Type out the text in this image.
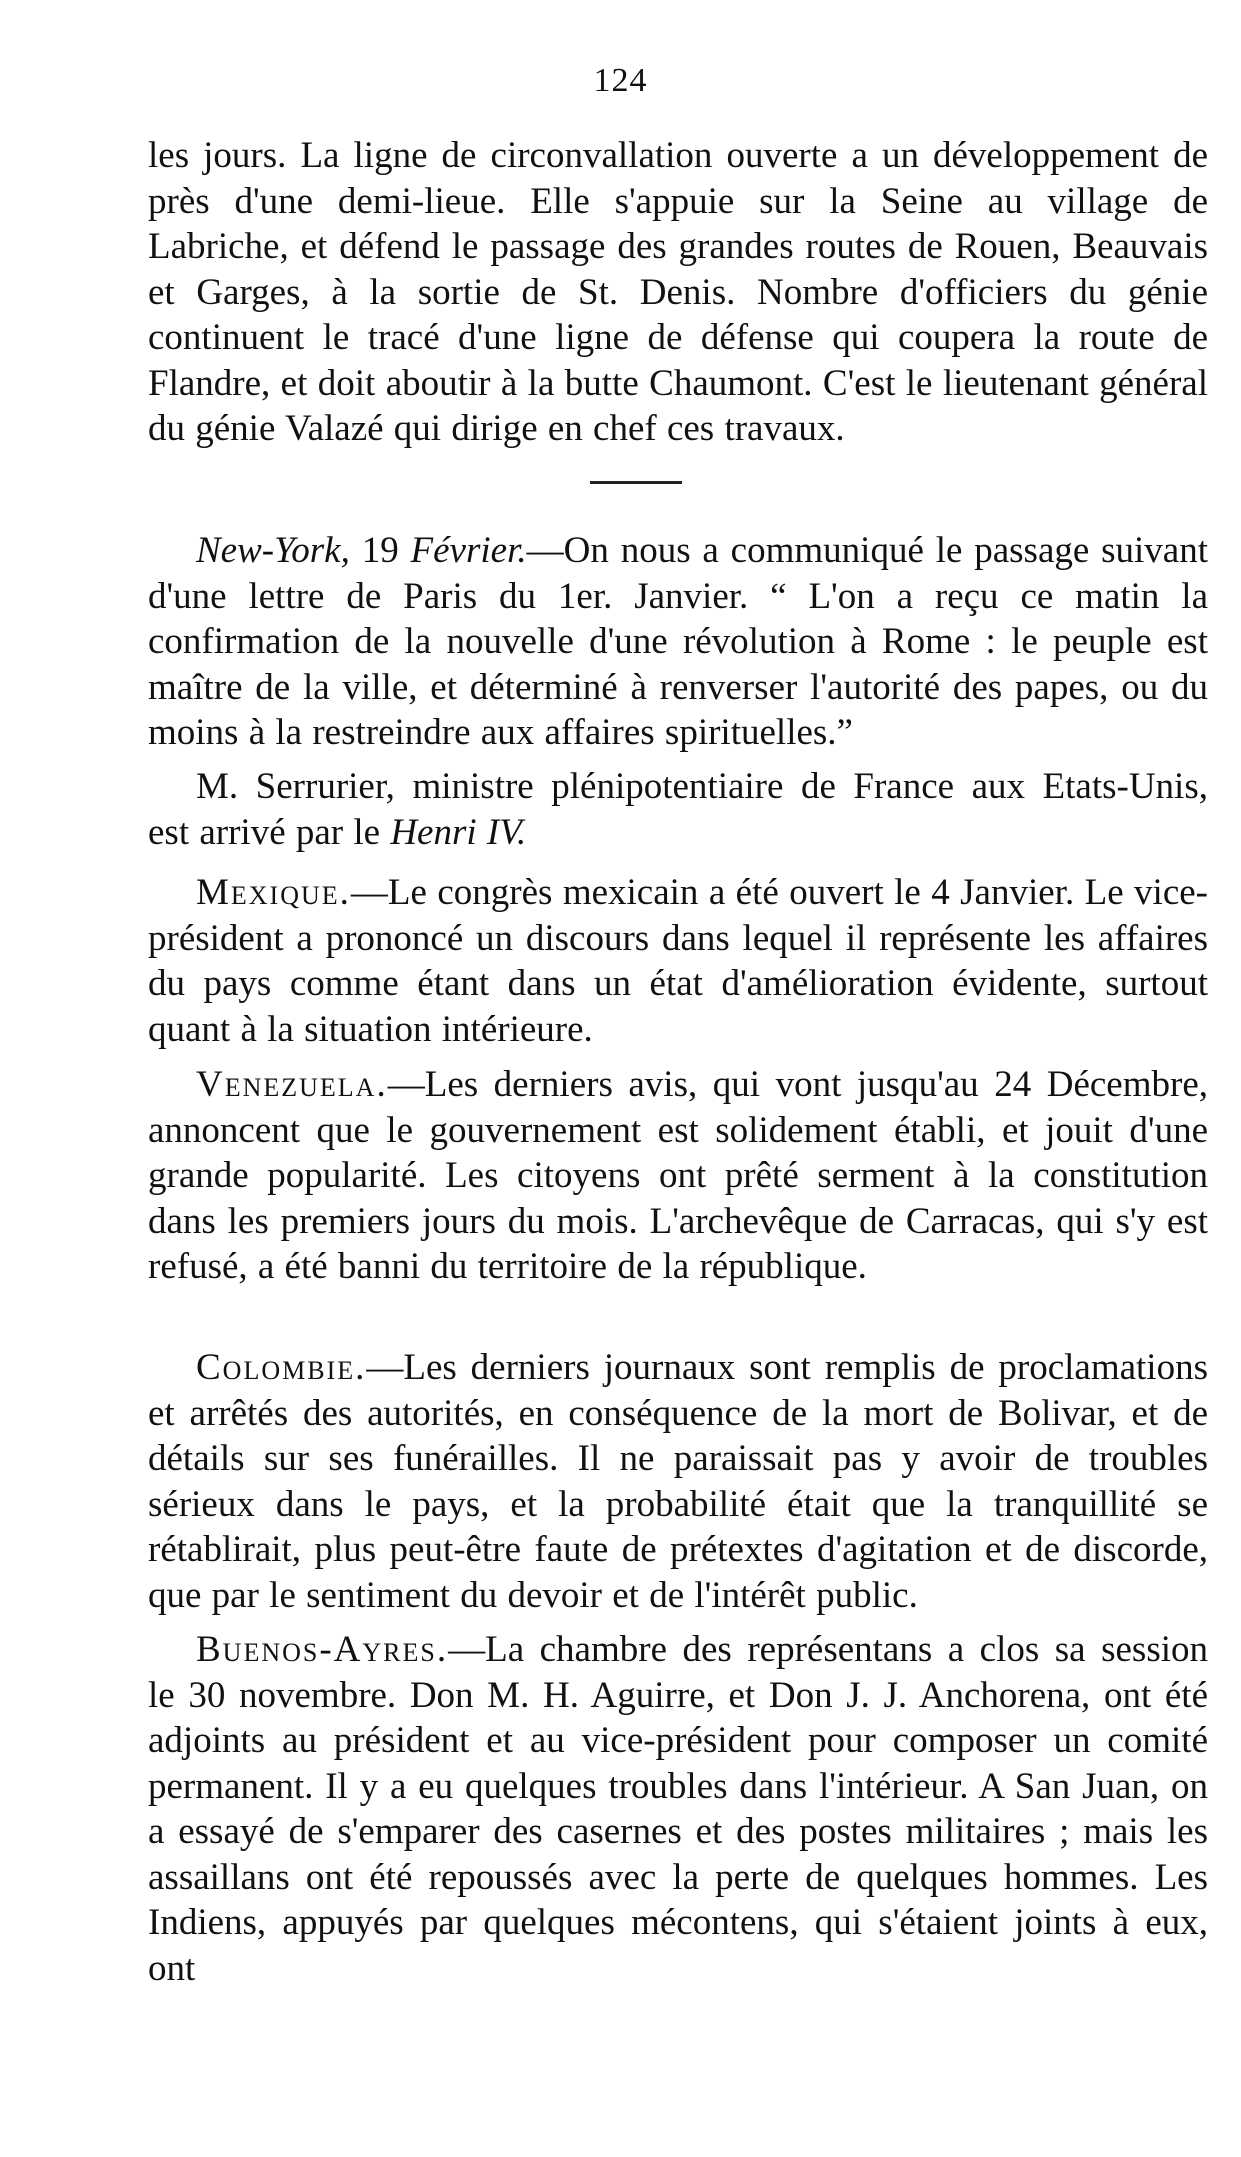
124

les jours. La ligne de circonvallation ouverte a un développement de près d'une demi-lieue. Elle s'appuie sur la Seine au village de Labriche, et défend le passage des grandes routes de Rouen, Beauvais et Garges, à la sortie de St. Denis. Nombre d'officiers du génie continuent le tracé d'une ligne de défense qui coupera la route de Flandre, et doit aboutir à la butte Chaumont. C'est le lieutenant général du génie Valazé qui dirige en chef ces travaux.

New-York, 19 Février.—On nous a communiqué le passage suivant d'une lettre de Paris du 1er. Janvier. “ L'on a reçu ce matin la confirmation de la nouvelle d'une révolution à Rome : le peuple est maître de la ville, et déterminé à renverser l'autorité des papes, ou du moins à la restreindre aux affaires spirituelles.”

M. Serrurier, ministre plénipotentiaire de France aux Etats-Unis, est arrivé par le Henri IV.

Mexique.—Le congrès mexicain a été ouvert le 4 Janvier. Le vice-président a prononcé un discours dans lequel il représente les affaires du pays comme étant dans un état d'amélioration évidente, surtout quant à la situation intérieure.

Venezuela.—Les derniers avis, qui vont jusqu'au 24 Décembre, annoncent que le gouvernement est solidement établi, et jouit d'une grande popularité. Les citoyens ont prêté serment à la constitution dans les premiers jours du mois. L'archevêque de Carracas, qui s'y est refusé, a été banni du territoire de la république.

Colombie.—Les derniers journaux sont remplis de proclamations et arrêtés des autorités, en conséquence de la mort de Bolivar, et de détails sur ses funérailles. Il ne paraissait pas y avoir de troubles sérieux dans le pays, et la probabilité était que la tranquillité se rétablirait, plus peut-être faute de prétextes d'agitation et de discorde, que par le sentiment du devoir et de l'intérêt public.

Buenos-Ayres.—La chambre des représentans a clos sa session le 30 novembre. Don M. H. Aguirre, et Don J. J. Anchorena, ont été adjoints au président et au vice-président pour composer un comité permanent. Il y a eu quelques troubles dans l'intérieur. A San Juan, on a essayé de s'emparer des casernes et des postes militaires ; mais les assaillans ont été repoussés avec la perte de quelques hommes. Les Indiens, appuyés par quelques mécontens, qui s'étaient joints à eux, ont
